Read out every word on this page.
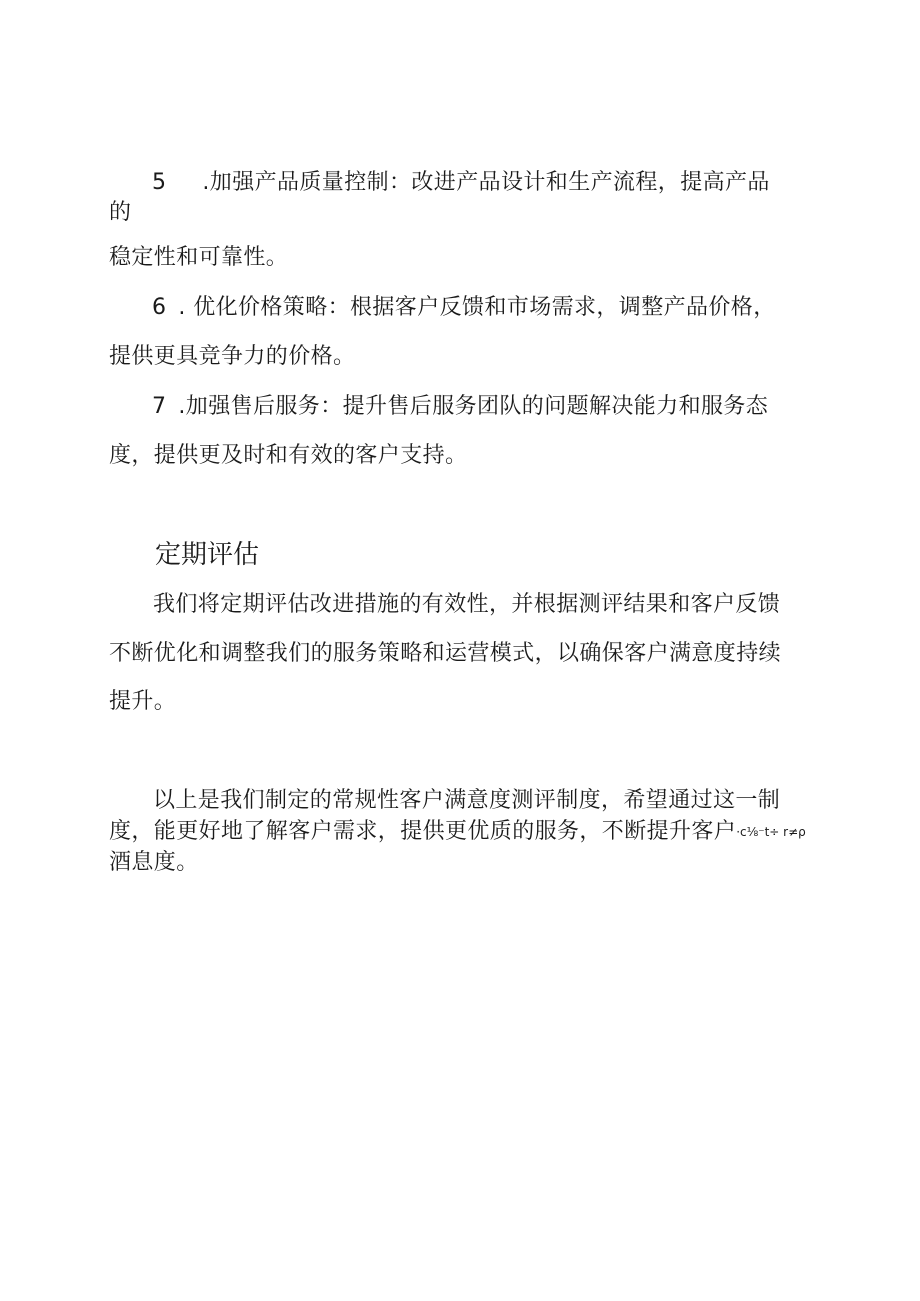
5 .加强产品质量控制：改进产品设计和生产流程，提高产品
的
稳定性和可靠性。
6 . 优化价格策略：根据客户反馈和市场需求，调整产品价格，
提供更具竞争力的价格。
7 .加强售后服务：提升售后服务团队的问题解决能力和服务态
度，提供更及时和有效的客户支持。
定期评估
我们将定期评估改进措施的有效性，并根据测评结果和客户反馈
不断优化和调整我们的服务策略和运营模式，以确保客户满意度持续
提升。
以上是我们制定的常规性客户满意度测评制度，希望通过这一制
度，能更好地了解客户需求，提供更优质的服务，不断提升客户·c⅛⁻t÷ r≠ρ
酒息度。
